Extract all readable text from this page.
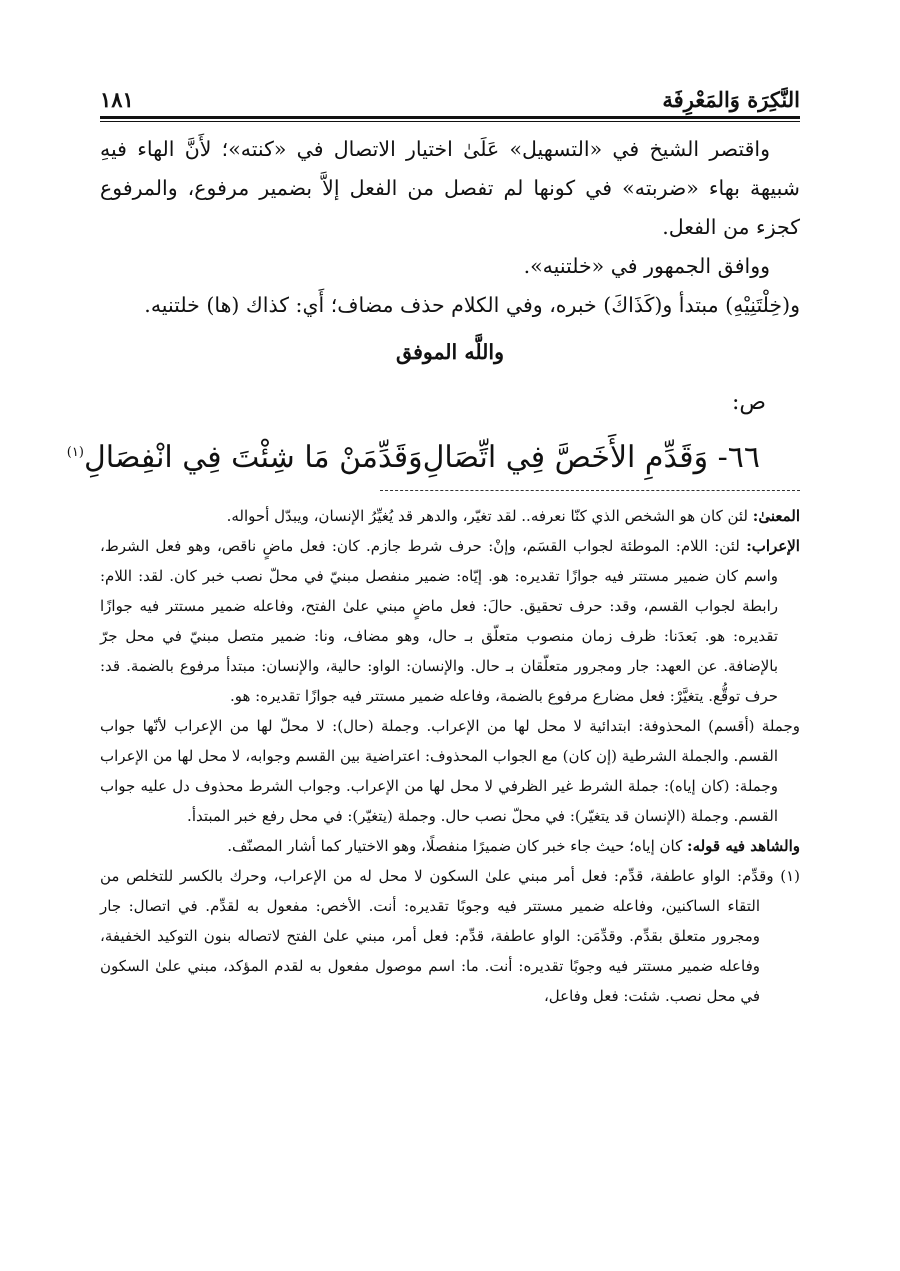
النَّكِرَة وَالمَعْرِفَة
١٨١

واقتصر الشيخ في «التسهيل» عَلَىٰ اختيار الاتصال في «كنته»؛ لأَنَّ الهاء فيهِ شبيهة بهاء «ضربته» في كونها لم تفصل من الفعل إلاَّ بضمير مرفوع، والمرفوع كجزء من الفعل.

ووافق الجمهور في «خلتنيه».

و(خِلْتَنِيْهِ) مبتدأ و(كَذَاكَ) خبره، وفي الكلام حذف مضاف؛ أَي: كذاك (ها) خلتنيه.

واللَّه الموفق
ص:
٦٦- وَقَدِّمِ الأَخَصَّ فِي اتِّصَالِ
وَقَدِّمَنْ مَا شِئْتَ فِي انْفِصَالِ$^{(١)}$

المعنىٰ: لئن كان هو الشخص الذي كنّا نعرفه.. لقد تغيّر، والدهر قد يُغيِّرُ الإنسان، ويبدّل أحواله.

الإعراب: لئن: اللام: الموطئة لجواب القسَم، وإنْ: حرف شرط جازم. كان: فعل ماضٍ ناقص، وهو فعل الشرط، واسم كان ضمير مستتر فيه جوازًا تقديره: هو. إيّاه: ضمير منفصل مبنيّ في محلّ نصب خبر كان. لقد: اللام: رابطة لجواب القسم، وقد: حرف تحقيق. حالَ: فعل ماضٍ مبني علىٰ الفتح، وفاعله ضمير مستتر فيه جوازًا تقديره: هو. بَعدَنا: ظرف زمان منصوب متعلّق بـ حال، وهو مضاف، ونا: ضمير متصل مبنيّ في محل جرّ بالإضافة. عن العهد: جار ومجرور متعلّقان بـ حال. والإنسان: الواو: حالية، والإنسان: مبتدأ مرفوع بالضمة. قد: حرف توقُّع. يتغيَّرْ: فعل مضارع مرفوع بالضمة، وفاعله ضمير مستتر فيه جوازًا تقديره: هو.

وجملة (أقسم) المحذوفة: ابتدائية لا محل لها من الإعراب. وجملة (حال): لا محلّ لها من الإعراب لأنّها جواب القسم. والجملة الشرطية (إن كان) مع الجواب المحذوف: اعتراضية بين القسم وجوابه، لا محل لها من الإعراب وجملة: (كان إياه): جملة الشرط غير الظرفي لا محل لها من الإعراب. وجواب الشرط محذوف دل عليه جواب القسم. وجملة (الإنسان قد يتغيّر): في محلّ نصب حال. وجملة (يتغيّر): في محل رفع خبر المبتدأ.

والشاهد فيه قوله: كان إياه؛ حيث جاء خبر كان ضميرًا منفصلًا، وهو الاختيار كما أشار المصنّف.

(١) وقدِّم: الواو عاطفة، قدِّم: فعل أمر مبني علىٰ السكون لا محل له من الإعراب، وحرك بالكسر للتخلص من التقاء الساكنين، وفاعله ضمير مستتر فيه وجوبًا تقديره: أنت. الأخص: مفعول به لقدِّم. في اتصال: جار ومجرور متعلق بقدِّم. وقدِّمَن: الواو عاطفة، قدِّم: فعل أمر، مبني علىٰ الفتح لاتصاله بنون التوكيد الخفيفة، وفاعله ضمير مستتر فيه وجوبًا تقديره: أنت. ما: اسم موصول مفعول به لقدم المؤكد، مبني علىٰ السكون في محل نصب. شئت: فعل وفاعل،
